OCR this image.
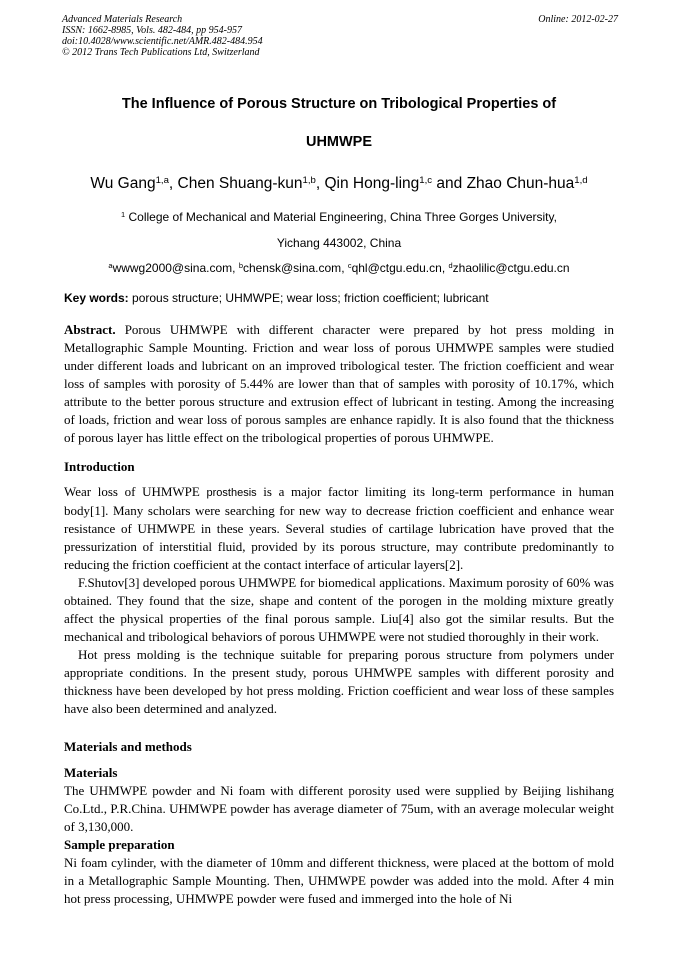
Advanced Materials Research
ISSN: 1662-8985, Vols. 482-484, pp 954-957
doi:10.4028/www.scientific.net/AMR.482-484.954
© 2012 Trans Tech Publications Ltd, Switzerland
Online: 2012-02-27
The Influence of Porous Structure on Tribological Properties of
UHMWPE
Wu Gang$^{1,a}$, Chen Shuang-kun$^{1,b}$, Qin Hong-ling$^{1,c}$ and Zhao Chun-hua$^{1,d}$
$^1$ College of Mechanical and Material Engineering, China Three Gorges University,
Yichang 443002, China
$^a$wwwg2000@sina.com, $^b$chensk@sina.com, $^c$qhl@ctgu.edu.cn, $^d$zhaolilic@ctgu.edu.cn
Key words: porous structure; UHMWPE; wear loss; friction coefficient; lubricant

Abstract. Porous UHMWPE with different character were prepared by hot press molding in Metallographic Sample Mounting. Friction and wear loss of porous UHMWPE samples were studied under different loads and lubricant on an improved tribological tester. The friction coefficient and wear loss of samples with porosity of 5.44% are lower than that of samples with porosity of 10.17%, which attribute to the better porous structure and extrusion effect of lubricant in testing. Among the increasing of loads, friction and wear loss of porous samples are enhance rapidly. It is also found that the thickness of porous layer has little effect on the tribological properties of porous UHMWPE.

Introduction

Wear loss of UHMWPE prosthesis is a major factor limiting its long-term performance in human body[1]. Many scholars were searching for new way to decrease friction coefficient and enhance wear resistance of UHMWPE in these years. Several studies of cartilage lubrication have proved that the pressurization of interstitial fluid, provided by its porous structure, may contribute predominantly to reducing the friction coefficient at the contact interface of articular layers[2].

F.Shutov[3] developed porous UHMWPE for biomedical applications. Maximum porosity of 60% was obtained. They found that the size, shape and content of the porogen in the molding mixture greatly affect the physical properties of the final porous sample. Liu[4] also got the similar results. But the mechanical and tribological behaviors of porous UHMWPE were not studied thoroughly in their work.

Hot press molding is the technique suitable for preparing porous structure from polymers under appropriate conditions. In the present study, porous UHMWPE samples with different porosity and thickness have been developed by hot press molding. Friction coefficient and wear loss of these samples have also been determined and analyzed.

Materials and methods

Materials

The UHMWPE powder and Ni foam with different porosity used were supplied by Beijing lishihang Co.Ltd., P.R.China. UHMWPE powder has average diameter of 75um, with an average molecular weight of 3,130,000.

Sample preparation

Ni foam cylinder, with the diameter of 10mm and different thickness, were placed at the bottom of mold in a Metallographic Sample Mounting. Then, UHMWPE powder was added into the mold. After 4 min hot press processing, UHMWPE powder were fused and immerged into the hole of Ni
